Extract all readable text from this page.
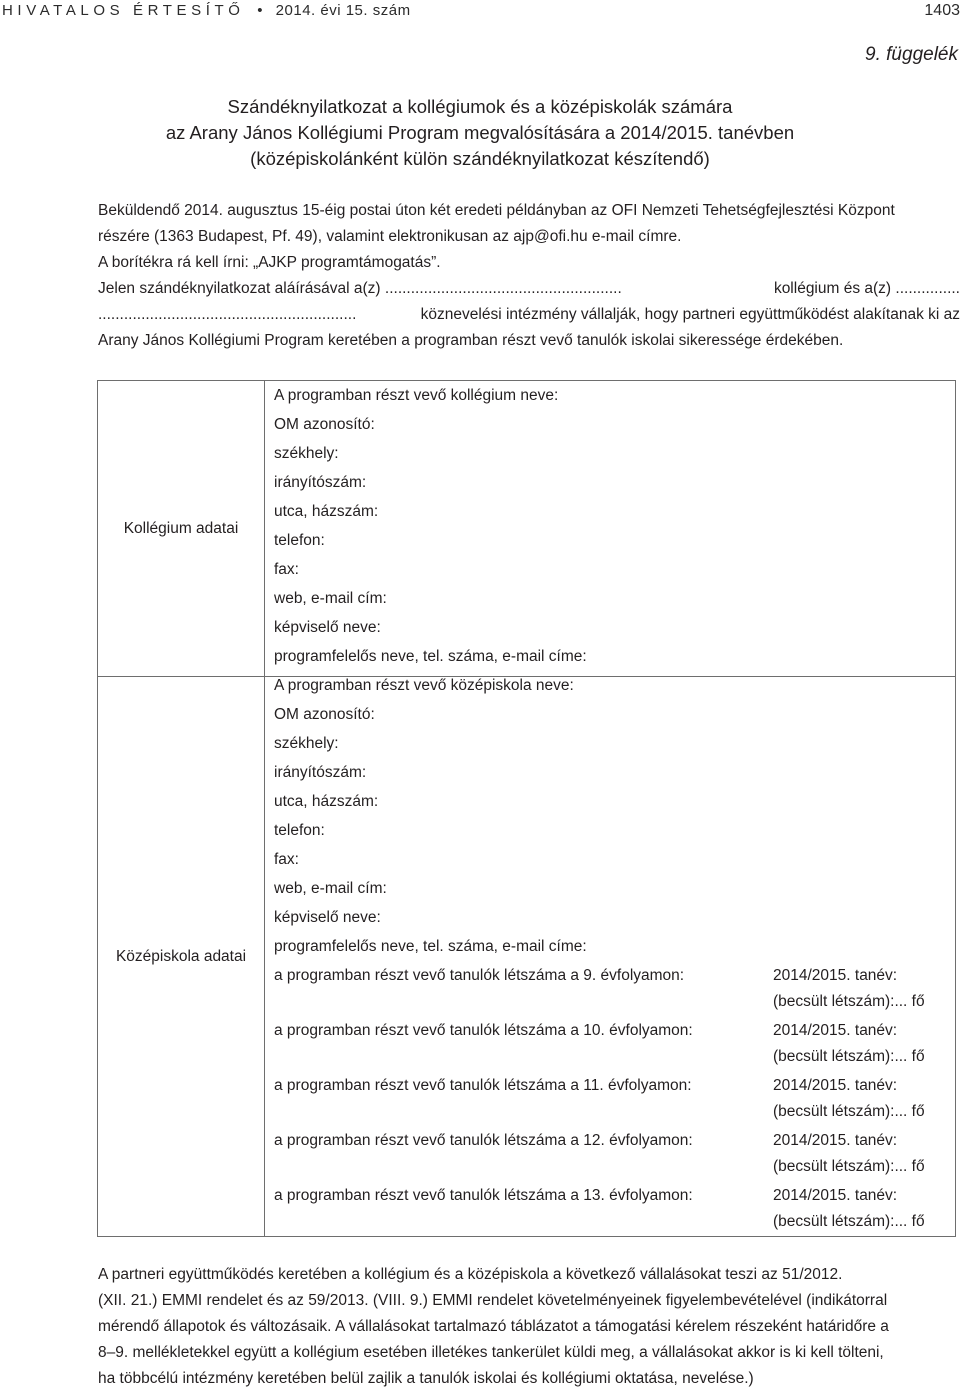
HIVATALOS ÉRTESÍTŐ • 2014. évi 15. szám	1403
9. függelék
Szándéknyilatkozat a kollégiumok és a középiskolák számára
az Arany János Kollégiumi Program megvalósítására a 2014/2015. tanévben
(középiskolánként külön szándéknyilatkozat készítendő)
Beküldendő 2014. augusztus 15-éig postai úton két eredeti példányban az OFI Nemzeti Tehetségfejlesztési Központ
részére (1363 Budapest, Pf. 49), valamint elektronikusan az ajp@ofi.hu e-mail címre.
A borítékra rá kell írni: „AJKP programtámogatás”.
Jelen szándéknyilatkozat aláírásával a(z) .......................................................	kollégium és a(z) ...............
............................................................	köznevelési intézmény vállalják, hogy partneri együttműködést alakítanak ki az
Arany János Kollégiumi Program keretében a programban részt vevő tanulók iskolai sikeressége érdekében.
Kollégium adatai
A programban részt vevő kollégium neve:
OM azonosító:
székhely:
irányítószám:
utca, házszám:
telefon:
fax:
web, e-mail cím:
képviselő neve:
programfelelős neve, tel. száma, e-mail címe:
Középiskola adatai
A programban részt vevő középiskola neve:
OM azonosító:
székhely:
irányítószám:
utca, házszám:
telefon:
fax:
web, e-mail cím:
képviselő neve:
programfelelős neve, tel. száma, e-mail címe:
a programban részt vevő tanulók létszáma a 9. évfolyamon:	2014/2015. tanév:
(becsült létszám):... fő
a programban részt vevő tanulók létszáma a 10. évfolyamon:	2014/2015. tanév:
(becsült létszám):... fő
a programban részt vevő tanulók létszáma a 11. évfolyamon:	2014/2015. tanév:
(becsült létszám):... fő
a programban részt vevő tanulók létszáma a 12. évfolyamon:	2014/2015. tanév:
(becsült létszám):... fő
a programban részt vevő tanulók létszáma a 13. évfolyamon:	2014/2015. tanév:
(becsült létszám):... fő
A partneri együttműködés keretében a kollégium és a középiskola a következő vállalásokat teszi az 51/2012.
(XII. 21.) EMMI rendelet és az 59/2013. (VIII. 9.) EMMI rendelet követelményeinek figyelembevételével (indikátorral
mérendő állapotok és változásaik. A vállalásokat tartalmazó táblázatot a támogatási kérelem részeként határidőre a
8–9. mellékletekkel együtt a kollégium esetében illetékes tankerület küldi meg, a vállalásokat akkor is ki kell tölteni,
ha többcélú intézmény keretében belül zajlik a tanulók iskolai és kollégiumi oktatása, nevelése.)
